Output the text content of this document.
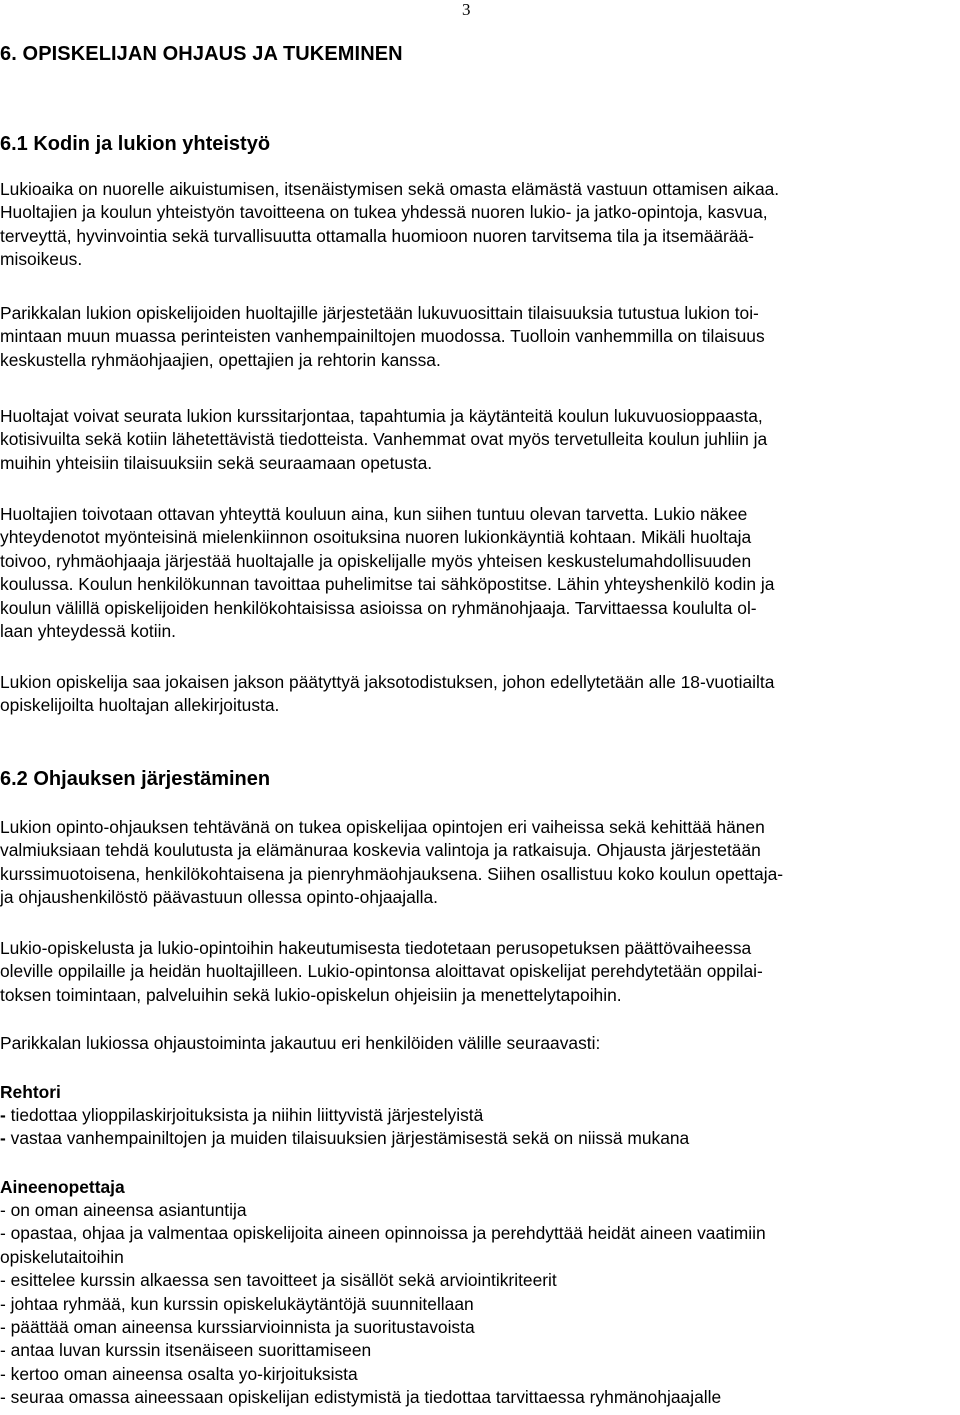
3
6. OPISKELIJAN OHJAUS JA TUKEMINEN
6.1 Kodin ja lukion yhteistyö

Lukioaika on nuorelle aikuistumisen, itsenäistymisen sekä omasta elämästä vastuun ottamisen aikaa.
Huoltajien ja koulun yhteistyön tavoitteena on tukea yhdessä nuoren lukio- ja jatko-opintoja, kasvua,
terveyttä, hyvinvointia sekä turvallisuutta ottamalla huomioon nuoren tarvitsema tila ja itsemäärää-
misoikeus.

Parikkalan lukion opiskelijoiden huoltajille järjestetään lukuvuosittain tilaisuuksia tutustua lukion toi-
mintaan muun muassa perinteisten vanhempainiltojen muodossa. Tuolloin vanhemmilla on tilaisuus
keskustella ryhmäohjaajien, opettajien ja rehtorin kanssa.

Huoltajat voivat seurata lukion kurssitarjontaa, tapahtumia ja käytänteitä koulun lukuvuosioppaasta,
kotisivuilta sekä kotiin lähetettävistä tiedotteista. Vanhemmat ovat myös tervetulleita koulun juhliin ja
muihin yhteisiin tilaisuuksiin sekä seuraamaan opetusta.

Huoltajien toivotaan ottavan yhteyttä kouluun aina, kun siihen tuntuu olevan tarvetta. Lukio näkee
yhteydenotot myönteisinä mielenkiinnon osoituksina nuoren lukionkäyntiä kohtaan. Mikäli huoltaja
toivoo, ryhmäohjaaja järjestää huoltajalle ja opiskelijalle myös yhteisen keskustelumahdollisuuden
koulussa. Koulun henkilökunnan tavoittaa puhelimitse tai sähköpostitse. Lähin yhteyshenkilö kodin ja
koulun välillä opiskelijoiden henkilökohtaisissa asioissa on ryhmänohjaaja. Tarvittaessa koululta ol-
laan yhteydessä kotiin.

Lukion opiskelija saa jokaisen jakson päätyttyä jaksotodistuksen, johon edellytetään alle 18-vuotiailta
opiskelijoilta huoltajan allekirjoitusta.

6.2 Ohjauksen järjestäminen

Lukion opinto-ohjauksen tehtävänä on tukea opiskelijaa opintojen eri vaiheissa sekä kehittää hänen
valmiuksiaan tehdä koulutusta ja elämänuraa koskevia valintoja ja ratkaisuja. Ohjausta järjestetään
kurssimuotoisena, henkilökohtaisena ja pienryhmäohjauksena. Siihen osallistuu koko koulun opettaja-
ja ohjaushenkilöstö päävastuun ollessa opinto-ohjaajalla.

Lukio-opiskelusta ja lukio-opintoihin hakeutumisesta tiedotetaan perusopetuksen päättövaiheessa
oleville oppilaille ja heidän huoltajilleen. Lukio-opintonsa aloittavat opiskelijat perehdytetään oppilai-
toksen toimintaan, palveluihin sekä lukio-opiskelun ohjeisiin ja menettelytapoihin.

Parikkalan lukiossa ohjaustoiminta jakautuu eri henkilöiden välille seuraavasti:

Rehtori
- tiedottaa ylioppilaskirjoituksista ja niihin liittyvistä järjestelyistä
- vastaa vanhempainiltojen ja muiden tilaisuuksien järjestämisestä sekä on niissä mukana
Aineenopettaja
- on oman aineensa asiantuntija
- opastaa, ohjaa ja valmentaa opiskelijoita aineen opinnoissa ja perehdyttää heidät aineen vaatimiin
opiskelutaitoihin
- esittelee kurssin alkaessa sen tavoitteet ja sisällöt sekä arviointikriteerit
- johtaa ryhmää, kun kurssin opiskelukäytäntöjä suunnitellaan
- päättää oman aineensa kurssiarvioinnista ja suoritustavoista
- antaa luvan kurssin itsenäiseen suorittamiseen
- kertoo oman aineensa osalta yo-kirjoituksista
- seuraa omassa aineessaan opiskelijan edistymistä ja tiedottaa tarvittaessa ryhmänohjaajalle
